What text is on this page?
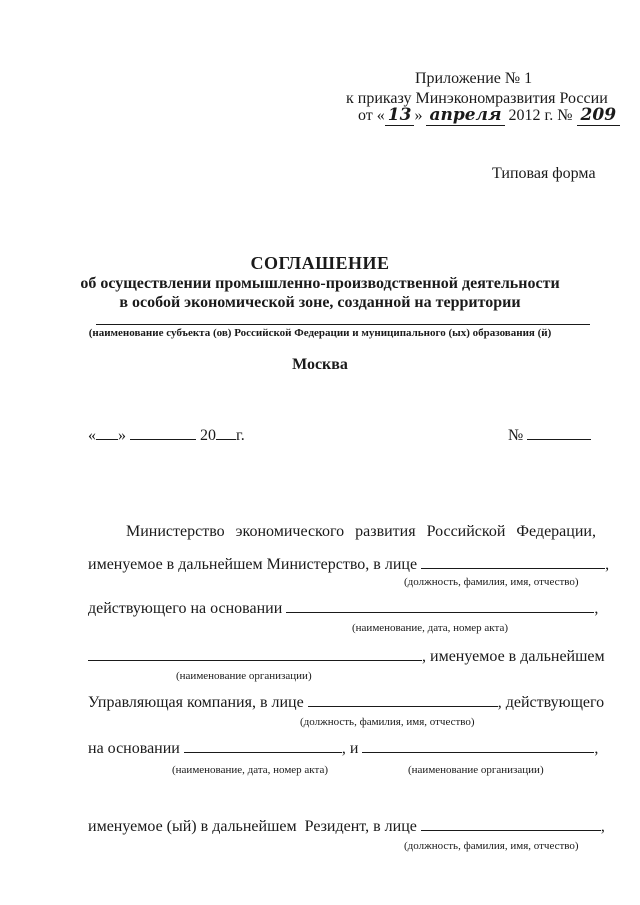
Приложение № 1
к приказу Минэкономразвития России
от « 13 » апреля 2012 г. № 209
Типовая форма
СОГЛАШЕНИЕ
об осуществлении промышленно-производственной деятельности
в особой экономической зоне, созданной на территории
(наименование субъекта (ов) Российской Федерации и муниципального (ых) образования (й)
Москва
« »	20 г.	№
Министерство экономического развития Российской Федерации,
именуемое в дальнейшем Министерство, в лице	,
(должность, фамилия, имя, отчество)
действующего на основании	,
(наименование, дата, номер акта)
, именуемое в дальнейшем
(наименование организации)
Управляющая компания, в лице	, действующего
(должность, фамилия, имя, отчество)
на основании	, и	,
(наименование, дата, номер акта)	(наименование организации)
именуемое (ый) в дальнейшем  Резидент, в лице	,
(должность, фамилия, имя, отчество)
